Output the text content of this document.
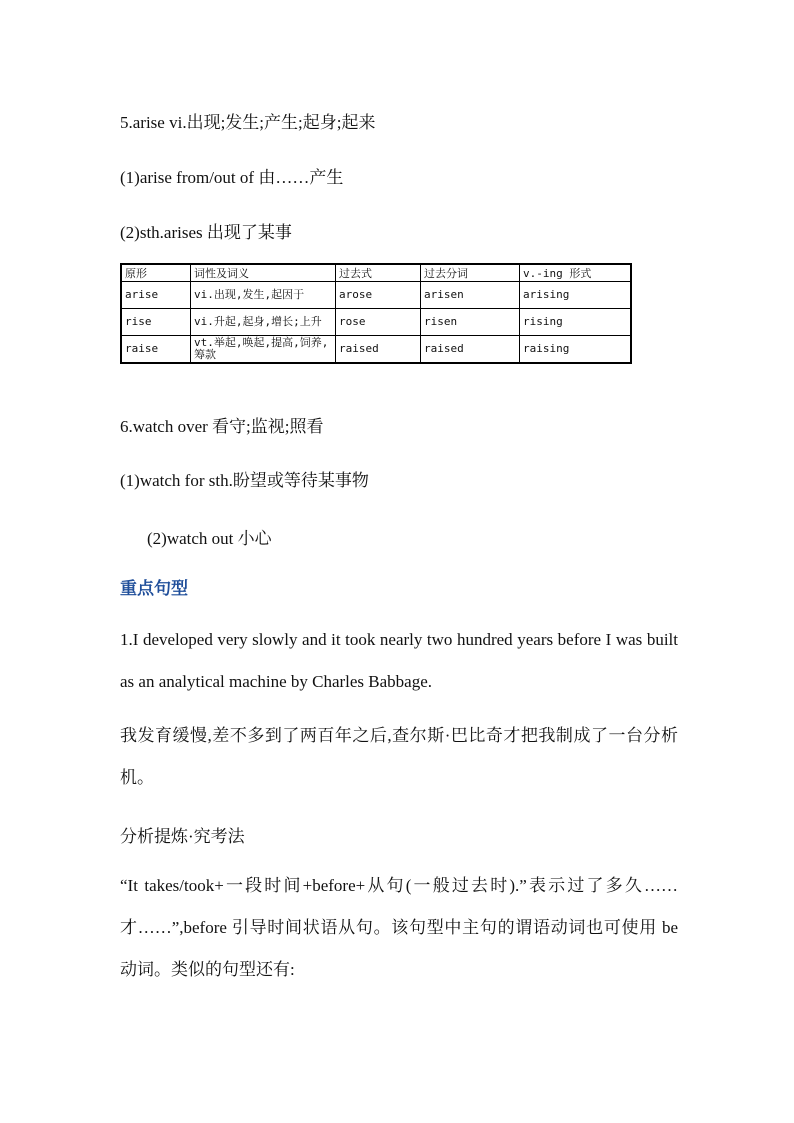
5.arise vi.出现;发生;产生;起身;起来
(1)arise from/out of 由……产生
(2)sth.arises 出现了某事
原形	词性及词义	过去式	过去分词	v.-ing 形式
arise	vi.出现,发生,起因于	arose	arisen	arising
rise	vi.升起,起身,增长;上升	rose	risen	rising
raise	vt.举起,唤起,提高,饲养,筹款	raised	raised	raising
6.watch over 看守;监视;照看
(1)watch for sth.盼望或等待某事物
(2)watch out 小心
重点句型
1.I developed very slowly and it took nearly two hundred years before I was built as an analytical machine by Charles Babbage.
我发育缓慢,差不多到了两百年之后,查尔斯·巴比奇才把我制成了一台分析机。
分析提炼·究考法
“It takes/took+一段时间+before+从句(一般过去时).”表示过了多久……才……”,before 引导时间状语从句。该句型中主句的谓语动词也可使用 be 动词。类似的句型还有:
